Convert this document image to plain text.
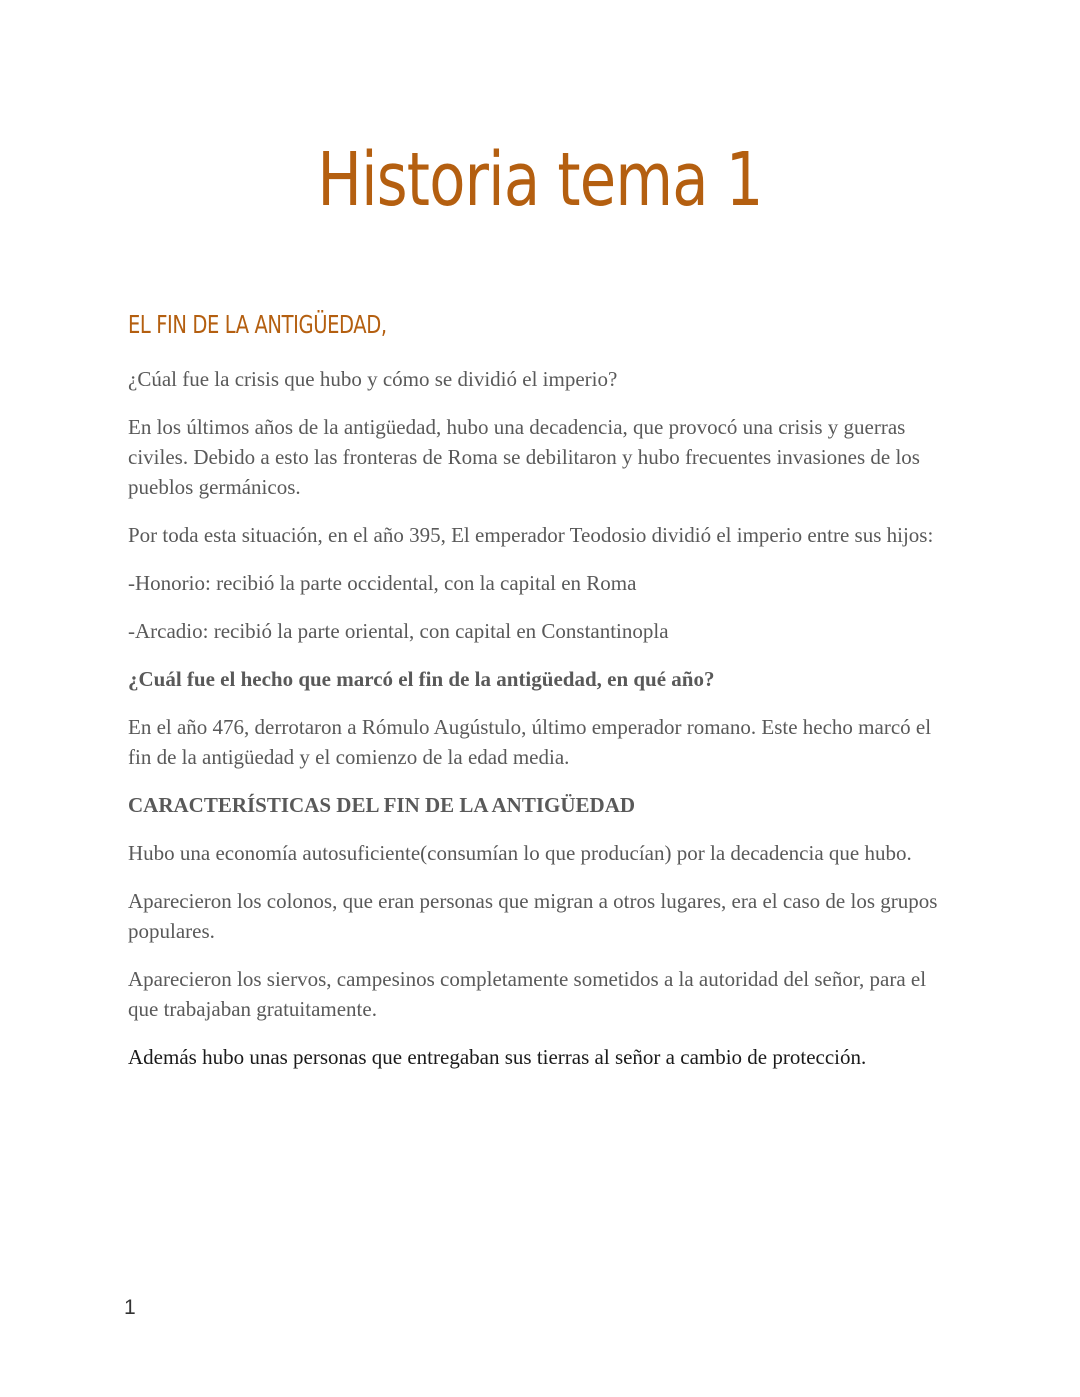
Historia tema 1
EL FIN DE LA ANTIGÜEDAD,

¿Cúal fue la crisis que hubo y cómo se dividió el imperio?

En los últimos años de la antigüedad, hubo una decadencia, que provocó una crisis y guerras civiles. Debido a esto las fronteras de Roma se debilitaron y hubo frecuentes invasiones de los pueblos germánicos.

Por toda esta situación, en el año 395, El emperador Teodosio dividió el imperio entre sus hijos:

-Honorio: recibió la parte occidental, con la capital en Roma

-Arcadio: recibió la parte oriental, con capital en Constantinopla

¿Cuál fue el hecho que marcó el fin de la antigüedad, en qué año?

En el año 476, derrotaron a Rómulo Augústulo, último emperador romano. Este hecho marcó el fin de la antigüedad y el comienzo de la edad media.

CARACTERÍSTICAS DEL FIN DE LA ANTIGÜEDAD

Hubo una economía autosuficiente(consumían lo que producían) por la decadencia que hubo.

Aparecieron los colonos, que eran personas que migran a otros lugares, era el caso de los grupos populares.

Aparecieron los siervos, campesinos completamente sometidos a la autoridad del señor, para el que trabajaban gratuitamente.

Además hubo unas personas que entregaban sus tierras al señor a cambio de protección.

1
